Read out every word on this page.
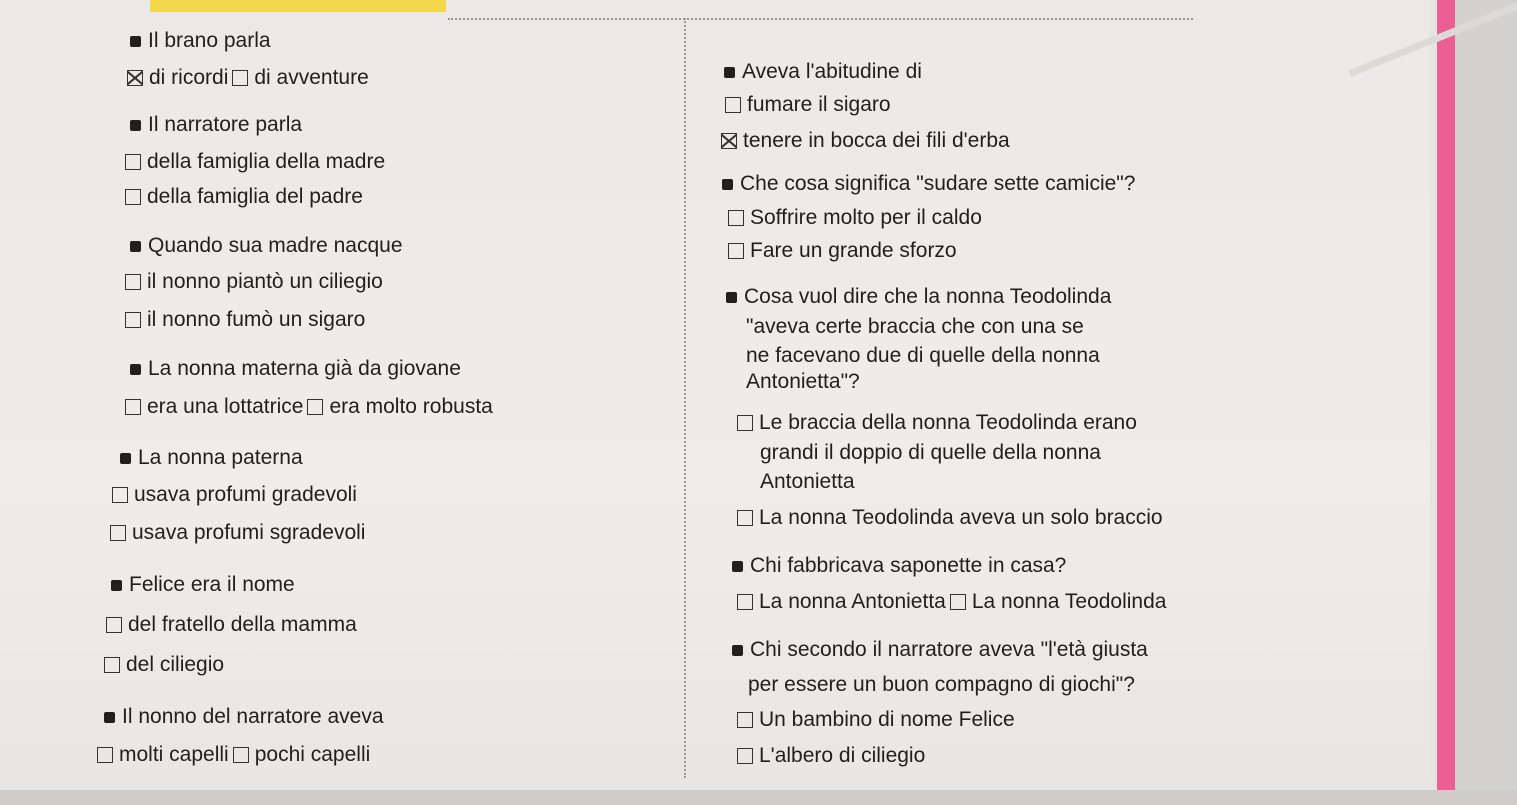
Il brano parla
di ricordi di avventure
Il narratore parla
della famiglia della madre
della famiglia del padre
Quando sua madre nacque
il nonno piantò un ciliegio
il nonno fumò un sigaro
La nonna materna già da giovane
era una lottatrice era molto robusta
La nonna paterna
usava profumi gradevoli
usava profumi sgradevoli
Felice era il nome
del fratello della mamma
del ciliegio
Il nonno del narratore aveva
molti capelli pochi capelli
Aveva l'abitudine di
fumare il sigaro
tenere in bocca dei fili d'erba
Che cosa significa "sudare sette camicie"?
Soffrire molto per il caldo
Fare un grande sforzo
Cosa vuol dire che la nonna Teodolinda
"aveva certe braccia che con una se
ne facevano due di quelle della nonna
Antonietta"?
Le braccia della nonna Teodolinda erano
grandi il doppio di quelle della nonna
Antonietta
La nonna Teodolinda aveva un solo braccio
Chi fabbricava saponette in casa?
La nonna Antonietta La nonna Teodolinda
Chi secondo il narratore aveva "l'età giusta
per essere un buon compagno di giochi"?
Un bambino di nome Felice
L'albero di ciliegio
